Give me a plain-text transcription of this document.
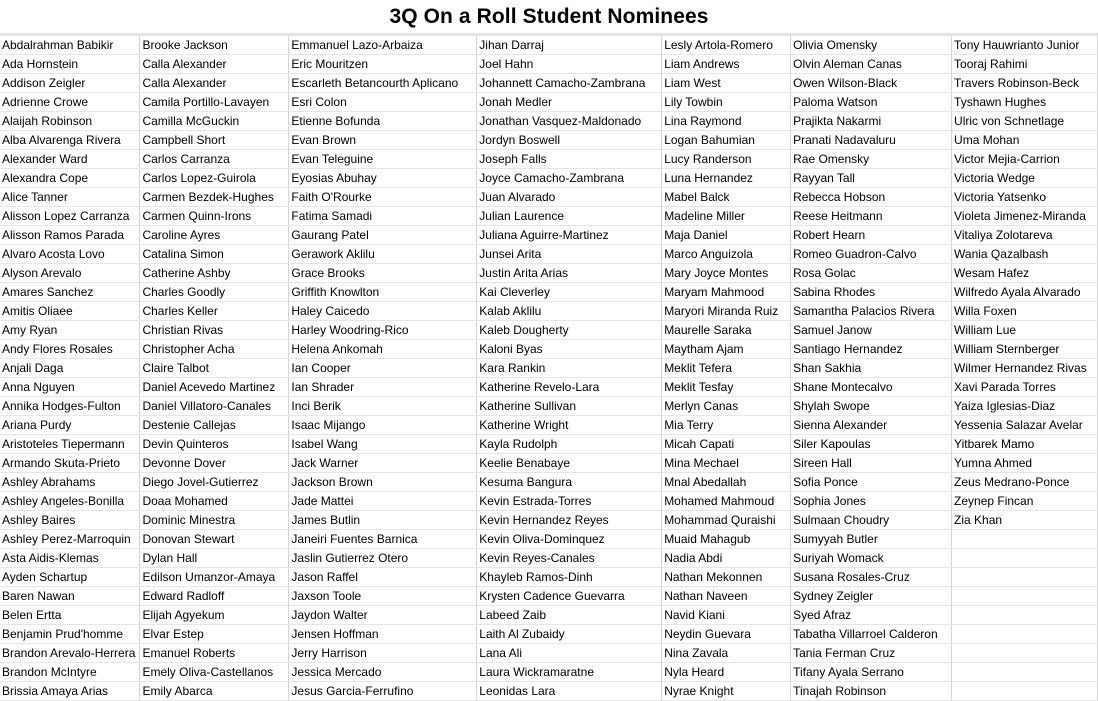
3Q On a Roll Student Nominees
Abdalrahman Babikir	Brooke Jackson	Emmanuel Lazo-Arbaiza	Jihan Darraj	Lesly Artola-Romero	Olivia Omensky	Tony Hauwrianto Junior
Ada Hornstein	Calla Alexander	Eric Mouritzen	Joel Hahn	Liam Andrews	Olvin Aleman Canas	Tooraj Rahimi
Addison Zeigler	Calla Alexander	Escarleth Betancourth Aplicano	Johannett Camacho-Zambrana	Liam West	Owen Wilson-Black	Travers Robinson-Beck
Adrienne Crowe	Camila Portillo-Lavayen	Esri Colon	Jonah Medler	Lily Towbin	Paloma Watson	Tyshawn Hughes
Alaijah Robinson	Camilla McGuckin	Etienne Bofunda	Jonathan Vasquez-Maldonado	Lina Raymond	Prajikta Nakarmi	Ulric von Schnetlage
Alba Alvarenga Rivera	Campbell Short	Evan Brown	Jordyn Boswell	Logan Bahumian	Pranati Nadavaluru	Uma Mohan
Alexander Ward	Carlos Carranza	Evan Teleguine	Joseph Falls	Lucy Randerson	Rae Omensky	Victor Mejia-Carrion
Alexandra Cope	Carlos Lopez-Guirola	Eyosias Abuhay	Joyce Camacho-Zambrana	Luna Hernandez	Rayyan Tall	Victoria Wedge
Alice Tanner	Carmen Bezdek-Hughes	Faith O'Rourke	Juan Alvarado	Mabel Balck	Rebecca Hobson	Victoria Yatsenko
Alisson Lopez Carranza	Carmen Quinn-Irons	Fatima Samadi	Julian Laurence	Madeline Miller	Reese Heitmann	Violeta Jimenez-Miranda
Alisson Ramos Parada	Caroline Ayres	Gaurang Patel	Juliana Aguirre-Martinez	Maja Daniel	Robert Hearn	Vitaliya Zolotareva
Alvaro Acosta Lovo	Catalina Simon	Gerawork Aklilu	Junsei Arita	Marco Anguizola	Romeo Guadron-Calvo	Wania Qazalbash
Alyson Arevalo	Catherine Ashby	Grace Brooks	Justin Arita Arias	Mary Joyce Montes	Rosa Golac	Wesam Hafez
Amares Sanchez	Charles Goodly	Griffith Knowlton	Kai Cleverley	Maryam Mahmood	Sabina Rhodes	Wilfredo Ayala Alvarado
Amitis Oliaee	Charles Keller	Haley Caicedo	Kalab Aklilu	Maryori Miranda Ruiz	Samantha Palacios Rivera	Willa Foxen
Amy Ryan	Christian Rivas	Harley Woodring-Rico	Kaleb Dougherty	Maurelle Saraka	Samuel Janow	William Lue
Andy Flores Rosales	Christopher Acha	Helena Ankomah	Kaloni Byas	Maytham Ajam	Santiago Hernandez	William Sternberger
Anjali Daga	Claire Talbot	Ian Cooper	Kara Rankin	Meklit Tefera	Shan Sakhia	Wilmer Hernandez Rivas
Anna Nguyen	Daniel Acevedo Martinez	Ian Shrader	Katherine Revelo-Lara	Meklit Tesfay	Shane Montecalvo	Xavi Parada Torres
Annika Hodges-Fulton	Daniel Villatoro-Canales	Inci Berik	Katherine Sullivan	Merlyn Canas	Shylah Swope	Yaiza Iglesias-Diaz
Ariana Purdy	Destenie Callejas	Isaac Mijango	Katherine Wright	Mia Terry	Sienna Alexander	Yessenia Salazar Avelar
Aristoteles Tiepermann	Devin Quinteros	Isabel Wang	Kayla Rudolph	Micah Capati	Siler Kapoulas	Yitbarek Mamo
Armando Skuta-Prieto	Devonne Dover	Jack Warner	Keelie Benabaye	Mina Mechael	Sireen Hall	Yumna Ahmed
Ashley Abrahams	Diego Jovel-Gutierrez	Jackson Brown	Kesuma Bangura	Mnal Abedallah	Sofia Ponce	Zeus Medrano-Ponce
Ashley Angeles-Bonilla	Doaa Mohamed	Jade Mattei	Kevin Estrada-Torres	Mohamed Mahmoud	Sophia Jones	Zeynep Fincan
Ashley Baires	Dominic Minestra	James Butlin	Kevin Hernandez Reyes	Mohammad Quraishi	Sulmaan Choudry	Zia Khan
Ashley Perez-Marroquin	Donovan Stewart	Janeiri Fuentes Barnica	Kevin Oliva-Dominquez	Muaid Mahagub	Sumyyah Butler	
Asta Aidis-Klemas	Dylan Hall	Jaslin Gutierrez Otero	Kevin Reyes-Canales	Nadia Abdi	Suriyah Womack	
Ayden Schartup	Edilson Umanzor-Amaya	Jason Raffel	Khayleb Ramos-Dinh	Nathan Mekonnen	Susana Rosales-Cruz	
Baren Nawan	Edward Radloff	Jaxson Toole	Krysten Cadence Guevarra	Nathan Naveen	Sydney Zeigler	
Belen Ertta	Elijah Agyekum	Jaydon Walter	Labeed Zaib	Navid Kiani	Syed Afraz	
Benjamin Prud'homme	Elvar Estep	Jensen Hoffman	Laith Al Zubaidy	Neydin Guevara	Tabatha Villarroel Calderon	
Brandon Arevalo-Herrera	Emanuel Roberts	Jerry Harrison	Lana Ali	Nina Zavala	Tania Ferman Cruz	
Brandon McIntyre	Emely Oliva-Castellanos	Jessica Mercado	Laura Wickramaratne	Nyla Heard	Tifany Ayala Serrano	
Brissia Amaya Arias	Emily Abarca	Jesus Garcia-Ferrufino	Leonidas Lara	Nyrae Knight	Tinajah Robinson	
